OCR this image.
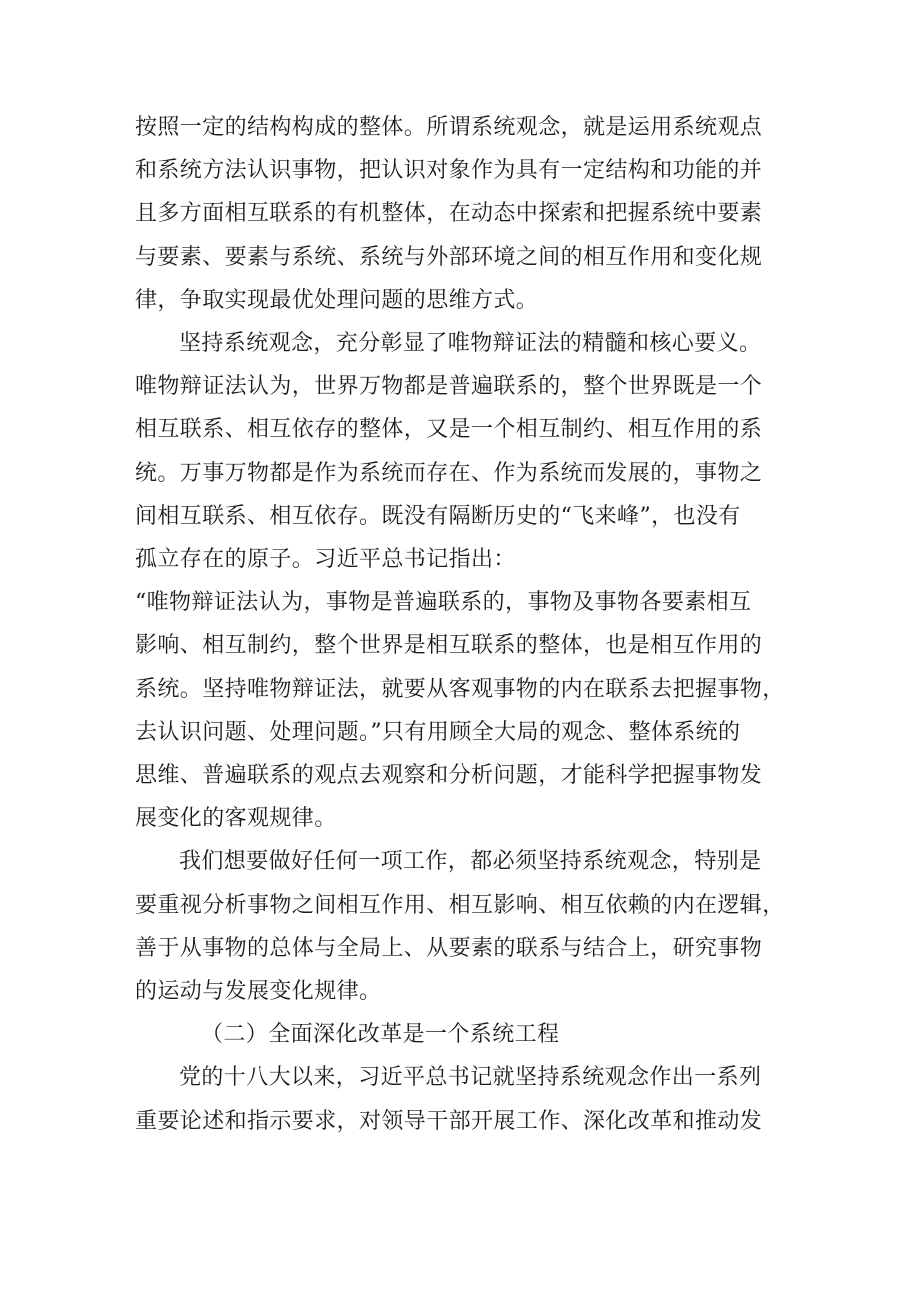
按照一定的结构构成的整体。所谓系统观念，就是运用系统观点
和系统方法认识事物，把认识对象作为具有一定结构和功能的并
且多方面相互联系的有机整体，在动态中探索和把握系统中要素
与要素、要素与系统、系统与外部环境之间的相互作用和变化规
律，争取实现最优处理问题的思维方式。
坚持系统观念，充分彰显了唯物辩证法的精髓和核心要义。
唯物辩证法认为，世界万物都是普遍联系的，整个世界既是一个
相互联系、相互依存的整体，又是一个相互制约、相互作用的系
统。万事万物都是作为系统而存在、作为系统而发展的，事物之
间相互联系、相互依存。既没有隔断历史的“飞来峰”，也没有
孤立存在的原子。习近平总书记指出：
“唯物辩证法认为，事物是普遍联系的，事物及事物各要素相互
影响、相互制约，整个世界是相互联系的整体，也是相互作用的
系统。坚持唯物辩证法，就要从客观事物的内在联系去把握事物，
去认识问题、处理问题。”只有用顾全大局的观念、整体系统的
思维、普遍联系的观点去观察和分析问题，才能科学把握事物发
展变化的客观规律。
我们想要做好任何一项工作，都必须坚持系统观念，特别是
要重视分析事物之间相互作用、相互影响、相互依赖的内在逻辑，
善于从事物的总体与全局上、从要素的联系与结合上，研究事物
的运动与发展变化规律。
（二）全面深化改革是一个系统工程
党的十八大以来，习近平总书记就坚持系统观念作出一系列
重要论述和指示要求，对领导干部开展工作、深化改革和推动发
